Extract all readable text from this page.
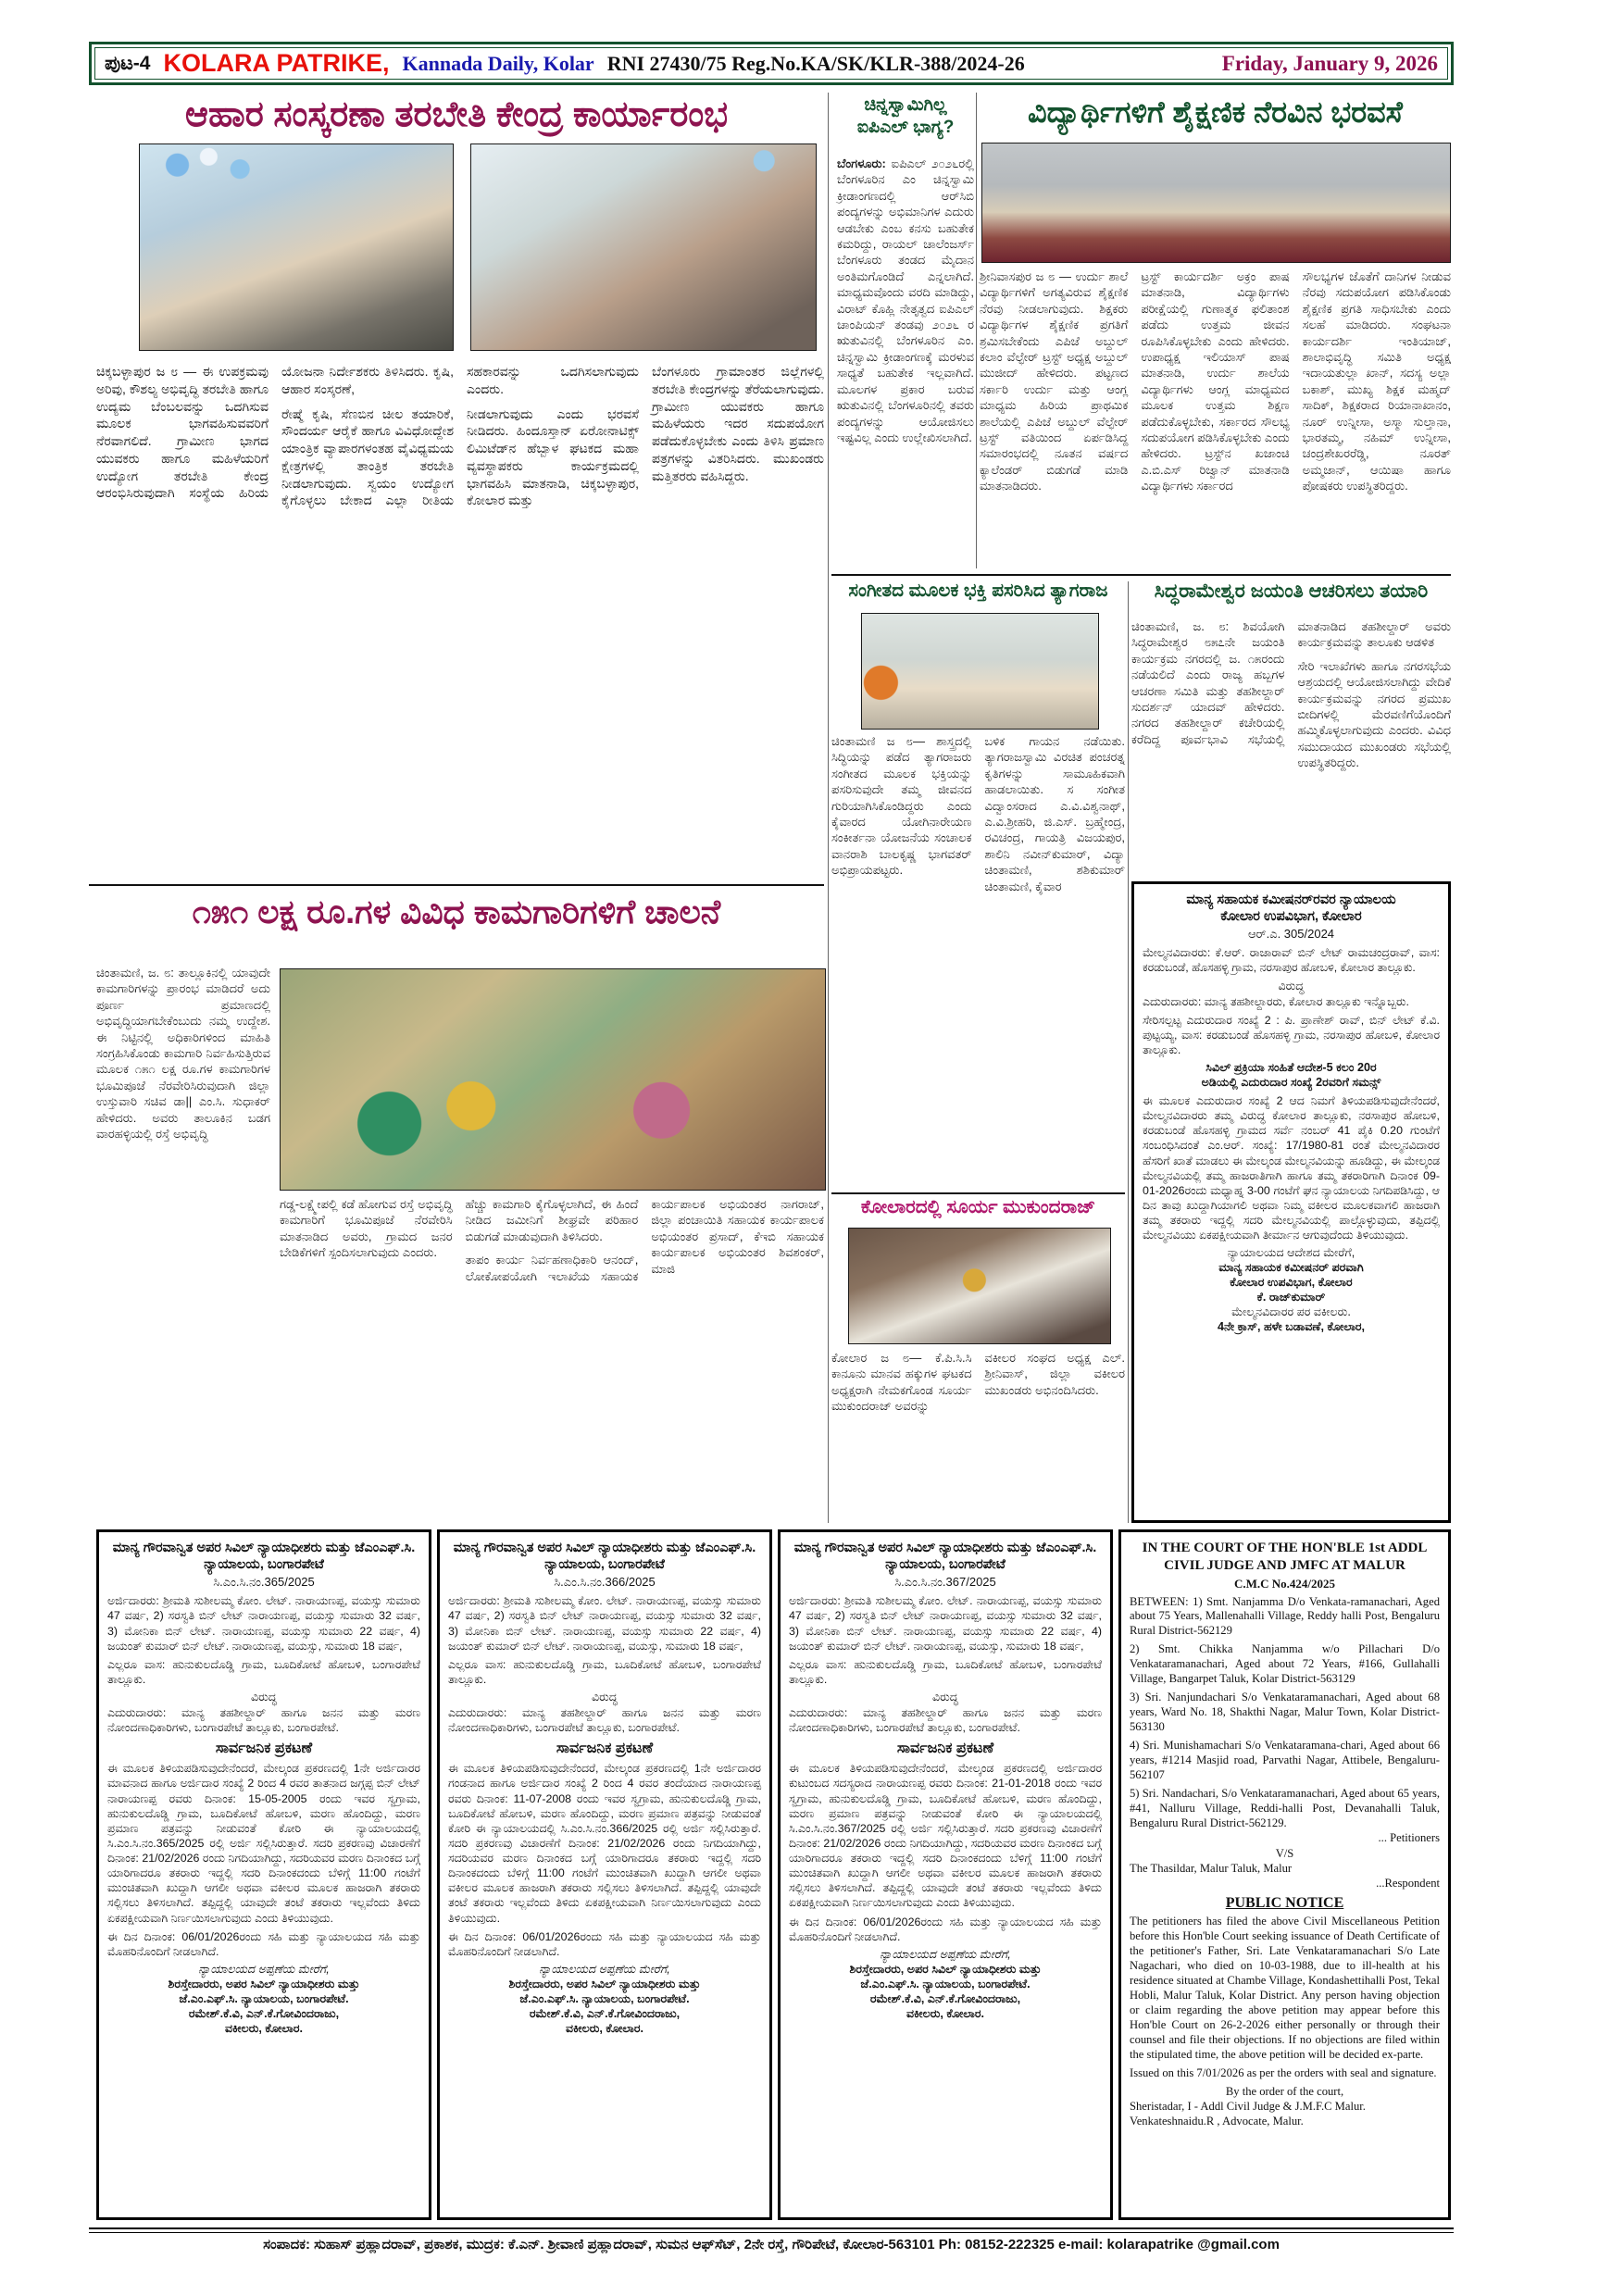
ಪುಟ-4 KOLARA PATRIKE, Kannada Daily, Kolar RNI 27430/75 Reg.No.KA/SK/KLR-388/2024-26	Friday, January 9, 2026
ಆಹಾರ ಸಂಸ್ಕರಣಾ ತರಬೇತಿ ಕೇಂದ್ರ ಕಾರ್ಯಾರಂಭ

ಚಿಕ್ಕಬಳ್ಳಾಪುರ ಜ ೮ — ಈ ಉಪಕ್ರಮವು ಅರಿವು, ಕೌಶಲ್ಯ ಅಭಿವೃದ್ಧಿ ತರಬೇತಿ ಹಾಗೂ ಉದ್ಯಮ ಬೆಂಬಲವನ್ನು ಒದಗಿಸುವ ಮೂಲಕ ಭಾಗವಹಿಸುವವರಿಗೆ ನೆರವಾಗಲಿದೆ. ಗ್ರಾಮೀಣ ಭಾಗದ ಯುವಕರು ಹಾಗೂ ಮಹಿಳೆಯರಿಗೆ ಉದ್ಯೋಗ ತರಬೇತಿ ಕೇಂದ್ರ ಆರಂಭಿಸಿರುವುದಾಗಿ ಸಂಸ್ಥೆಯ ಹಿರಿಯ ಯೋಜನಾ ನಿರ್ದೇಶಕರು ತಿಳಿಸಿದರು. ಕೃಷಿ, ಆಹಾರ ಸಂಸ್ಕರಣೆ,

ರೇಷ್ಮೆ ಕೃಷಿ, ಸೆಣಬಿನ ಚೀಲ ತಯಾರಿಕೆ, ಸೌಂದರ್ಯ ಆರೈಕೆ ಹಾಗೂ ವಿವಿಧೋದ್ದೇಶ ಯಾಂತ್ರಿಕ ವ್ಯಾಪಾರಗಳಂತಹ ವೈವಿಧ್ಯಮಯ ಕ್ಷೇತ್ರಗಳಲ್ಲಿ ತಾಂತ್ರಿಕ ತರಬೇತಿ ನೀಡಲಾಗುವುದು. ಸ್ವಯಂ ಉದ್ಯೋಗ ಕೈಗೊಳ್ಳಲು ಬೇಕಾದ ಎಲ್ಲಾ ರೀತಿಯ ಸಹಕಾರವನ್ನು ಒದಗಿಸಲಾಗುವುದು ಎಂದರು.

ನೀಡಲಾಗುವುದು ಎಂದು ಭರವಸೆ ನೀಡಿದರು. ಹಿಂದೂಸ್ತಾನ್ ಏರೋನಾಟಿಕ್ಸ್ ಲಿಮಿಟೆಡ್‌ನ ಹೆಬ್ಬಾಳ ಘಟಕದ ಮಹಾ ವ್ಯವಸ್ಥಾಪಕರು ಕಾರ್ಯಕ್ರಮದಲ್ಲಿ ಭಾಗವಹಿಸಿ ಮಾತನಾಡಿ, ಚಿಕ್ಕಬಳ್ಳಾಪುರ, ಕೋಲಾರ ಮತ್ತು

ಬೆಂಗಳೂರು ಗ್ರಾಮಾಂತರ ಜಿಲ್ಲೆಗಳಲ್ಲಿ ತರಬೇತಿ ಕೇಂದ್ರಗಳನ್ನು ತೆರೆಯಲಾಗುವುದು. ಗ್ರಾಮೀಣ ಯುವಕರು ಹಾಗೂ ಮಹಿಳೆಯರು ಇದರ ಸದುಪಯೋಗ ಪಡೆದುಕೊಳ್ಳಬೇಕು ಎಂದು ತಿಳಿಸಿ ಪ್ರಮಾಣ ಪತ್ರಗಳನ್ನು ವಿತರಿಸಿದರು. ಮುಖಂಡರು ಮತ್ತಿತರರು ವಹಿಸಿದ್ದರು.

ಚಿನ್ನಸ್ವಾಮಿಗಿಲ್ಲ
ಐಪಿಎಲ್ ಭಾಗ್ಯ?
ಬೆಂಗಳೂರು: ಐಪಿಎಲ್ ೨೦೨೬ರಲ್ಲಿ ಬೆಂಗಳೂರಿನ ಎಂ ಚಿನ್ನಸ್ವಾಮಿ ಕ್ರೀಡಾಂಗಣದಲ್ಲಿ ಆರ್‌ಸಿಬಿ ಪಂದ್ಯಗಳನ್ನು ಅಭಿಮಾನಿಗಳ ಎದುರು ಆಡಬೇಕು ಎಂಬ ಕನಸು ಬಹುತೇಕ ಕಮರಿದ್ದು, ರಾಯಲ್ ಚಾಲೆಂಜರ್ಸ್ ಬೆಂಗಳೂರು ತಂಡದ ಮೈದಾನ ಅಂತಿಮಗೊಂಡಿದೆ ಎನ್ನಲಾಗಿದೆ. ಮಾಧ್ಯಮವೊಂದು ವರದಿ ಮಾಡಿದ್ದು, ವಿರಾಟ್ ಕೊಹ್ಲಿ ನೇತೃತ್ವದ ಐಪಿಎಲ್ ಚಾಂಪಿಯನ್ ತಂಡವು ೨೦೨೬ ರ ಋತುವಿನಲ್ಲಿ ಬೆಂಗಳೂರಿನ ಎಂ. ಚಿನ್ನಸ್ವಾಮಿ ಕ್ರೀಡಾಂಗಣಕ್ಕೆ ಮರಳುವ ಸಾಧ್ಯತೆ ಬಹುತೇಕ ಇಲ್ಲವಾಗಿದೆ. ಮೂಲಗಳ ಪ್ರಕಾರ ಬರುವ ಋತುವಿನಲ್ಲಿ ಬೆಂಗಳೂರಿನಲ್ಲಿ ತವರು ಪಂದ್ಯಗಳನ್ನು ಆಯೋಜಿಸಲು ಇಷ್ಟವಿಲ್ಲ ಎಂದು ಉಲ್ಲೇಖಿಸಲಾಗಿದೆ.
ವಿದ್ಯಾರ್ಥಿಗಳಿಗೆ ಶೈಕ್ಷಣಿಕ ನೆರವಿನ ಭರವಸೆ

ಶ್ರೀನಿವಾಸಪುರ ಜ ೮ — ಉರ್ದು ಶಾಲೆ ವಿದ್ಯಾರ್ಥಿಗಳಿಗೆ ಅಗತ್ಯವಿರುವ ಶೈಕ್ಷಣಿಕ ನೆರವು ನೀಡಲಾಗುವುದು. ಶಿಕ್ಷಕರು ವಿದ್ಯಾರ್ಥಿಗಳ ಶೈಕ್ಷಣಿಕ ಪ್ರಗತಿಗೆ ಶ್ರಮಿಸಬೇಕೆಂದು ಎಪಿಜೆ ಅಬ್ದುಲ್ ಕಲಾಂ ವೆಲ್ಫೇರ್ ಟ್ರಸ್ಟ್ ಅಧ್ಯಕ್ಷ ಅಬ್ದುಲ್ ಮುಜೀದ್ ಹೇಳಿದರು. ಪಟ್ಟಣದ ಸರ್ಕಾರಿ ಉರ್ದು ಮತ್ತು ಆಂಗ್ಲ ಮಾಧ್ಯಮ ಹಿರಿಯ ಪ್ರಾಥಮಿಕ ಶಾಲೆಯಲ್ಲಿ ಎಪಿಜೆ ಅಬ್ದುಲ್ ವೆಲ್ಫೇರ್ ಟ್ರಸ್ಟ್ ವತಿಯಿಂದ ಏರ್ಪಡಿಸಿದ್ದ ಸಮಾರಂಭದಲ್ಲಿ ನೂತನ ವರ್ಷದ ಕ್ಯಾಲೆಂಡರ್ ಬಿಡುಗಡೆ ಮಾಡಿ ಮಾತನಾಡಿದರು.

ಟ್ರಸ್ಟ್ ಕಾರ್ಯದರ್ಶಿ ಅಕ್ರಂ ಪಾಷ ಮಾತನಾಡಿ, ವಿದ್ಯಾರ್ಥಿಗಳು ಪರೀಕ್ಷೆಯಲ್ಲಿ ಗುಣಾತ್ಮಕ ಫಲಿತಾಂಶ ಪಡೆದು ಉತ್ತಮ ಜೀವನ ರೂಪಿಸಿಕೊಳ್ಳಬೇಕು ಎಂದು ಹೇಳಿದರು. ಉಪಾಧ್ಯಕ್ಷ ಇಲಿಯಾಸ್ ಪಾಷ ಮಾತನಾಡಿ, ಉರ್ದು ಶಾಲೆಯ ವಿದ್ಯಾರ್ಥಿಗಳು ಆಂಗ್ಲ ಮಾಧ್ಯಮದ ಮೂಲಕ ಉತ್ತಮ ಶಿಕ್ಷಣ ಪಡೆದುಕೊಳ್ಳಬೇಕು, ಸರ್ಕಾರದ ಸೌಲಭ್ಯ ಸದುಪಯೋಗ ಪಡಿಸಿಕೊಳ್ಳಬೇಕು ಎಂದು ಹೇಳಿದರು. ಟ್ರಸ್ಟ್‌ನ ಖಜಾಂಚಿ ಎ.ಬಿ.ಎಸ್ ರಿಜ್ವಾನ್ ಮಾತನಾಡಿ ವಿದ್ಯಾರ್ಥಿಗಳು ಸರ್ಕಾರದ

ಸೌಲಭ್ಯಗಳ ಜೊತೆಗೆ ದಾನಿಗಳ ನೀಡುವ ನೆರವು ಸದುಪಯೋಗ ಪಡಿಸಿಕೊಂಡು ಶೈಕ್ಷಣಿಕ ಪ್ರಗತಿ ಸಾಧಿಸಬೇಕು ಎಂದು ಸಲಹೆ ಮಾಡಿದರು. ಸಂಘಟನಾ ಕಾರ್ಯದರ್ಶಿ ಇಂತಿಯಾಜ್, ಶಾಲಾಭಿವೃದ್ಧಿ ಸಮಿತಿ ಅಧ್ಯಕ್ಷ ಇದಾಯತುಲ್ಲಾ ಖಾನ್, ಸದಸ್ಯ ಅಲ್ಲಾ ಬಕಾಶ್, ಮುಖ್ಯ ಶಿಕ್ಷಕ ಮಹ್ಮದ್ ಸಾದಿಕ್, ಶಿಕ್ಷಕರಾದ ರಿಯಾನಾಖಾನಂ, ನೂರ್ ಉನ್ನೀಸಾ, ಅಸ್ಮಾ ಸುಲ್ತಾನಾ, ಭಾರತಮ್ಮ, ನಹಿಮ್ ಉನ್ನೀಸಾ, ಚಂದ್ರಶೇಖರರೆಡ್ಡಿ, ನೂರತ್ ಅಮ್ಮಜಾನ್, ಆಯಿಷಾ ಹಾಗೂ ಪೋಷಕರು ಉಪಸ್ಥಿತರಿದ್ದರು.

ಸಂಗೀತದ ಮೂಲಕ ಭಕ್ತಿ ಪಸರಿಸಿದ ತ್ಯಾಗರಾಜ

ಚಿಂತಾಮಣಿ ಜ ೮— ಶಾಸ್ತ್ರದಲ್ಲಿ ಸಿದ್ಧಿಯನ್ನು ಪಡೆದ ತ್ಯಾಗರಾಜರು ಸಂಗೀತದ ಮೂಲಕ ಭಕ್ತಿಯನ್ನು ಪಸರಿಸುವುದೇ ತಮ್ಮ ಜೀವನದ ಗುರಿಯಾಗಿಸಿಕೊಂಡಿದ್ದರು ಎಂದು ಕೈವಾರದ ಯೋಗಿನಾರೇಯಣ ಸಂಕೀರ್ತನಾ ಯೋಜನೆಯ ಸಂಚಾಲಕ ವಾನರಾಶಿ ಬಾಲಕೃಷ್ಣ ಭಾಗವತರ್ ಅಭಿಪ್ರಾಯಪಟ್ಟರು.

ಬಳಿಕ ಗಾಯನ ನಡೆಯಿತು. ತ್ಯಾಗರಾಜಸ್ವಾಮಿ ವಿರಚಿತ ಪಂಚರತ್ನ ಕೃತಿಗಳನ್ನು ಸಾಮೂಹಿಕವಾಗಿ ಹಾಡಲಾಯಿತು. ಸ ಸಂಗೀತ ವಿದ್ವಾಂಸರಾದ ಎ.ವಿ.ವಿಶ್ವನಾಥ್, ಎ.ವಿ.ಶ್ರೀಹರಿ, ಜಿ.ಎಸ್. ಬ್ರಹ್ಮೇಂದ್ರ, ರವಿಚಂದ್ರ, ಗಾಯತ್ರಿ ವಿಜಯಪುರ, ಶಾಲಿನಿ ನವೀನ್‌ಕುಮಾರ್, ವಿದ್ಯಾ ಚಿಂತಾಮಣಿ, ಶಶಿಕುಮಾರ್ ಚಿಂತಾಮಣಿ, ಕೈವಾರ

ಸಿದ್ಧರಾಮೇಶ್ವರ ಜಯಂತಿ ಆಚರಿಸಲು ತಯಾರಿ

ಚಿಂತಾಮಣಿ, ಜ. ೮: ಶಿವಯೋಗಿ ಸಿದ್ಧರಾಮೇಶ್ವರ ೮೫೭ನೇ ಜಯಂತಿ ಕಾರ್ಯಕ್ರಮ ನಗರದಲ್ಲಿ ಜ. ೧೫ರಂದು ನಡೆಯಲಿದೆ ಎಂದು ರಾಜ್ಯ ಹಬ್ಬಗಳ ಆಚರಣಾ ಸಮಿತಿ ಮತ್ತು ತಹಶೀಲ್ದಾರ್ ಸುದರ್ಶನ್ ಯಾದವ್ ಹೇಳಿದರು. ನಗರದ ತಹಶೀಲ್ದಾರ್ ಕಚೇರಿಯಲ್ಲಿ ಕರೆದಿದ್ದ ಪೂರ್ವಭಾವಿ ಸಭೆಯಲ್ಲಿ ಮಾತನಾಡಿದ ತಹಶೀಲ್ದಾರ್ ಅವರು ಕಾರ್ಯಕ್ರಮವನ್ನು ತಾಲೂಕು ಆಡಳಿತ

ಸೇರಿ ಇಲಾಖೆಗಳು ಹಾಗೂ ನಗರಸಭೆಯ ಆಶ್ರಯದಲ್ಲಿ ಆಯೋಜಿಸಲಾಗಿದ್ದು ವೇದಿಕೆ ಕಾರ್ಯಕ್ರಮವನ್ನು ನಗರದ ಪ್ರಮುಖ ಬೀದಿಗಳಲ್ಲಿ ಮೆರವಣಿಗೆಯೊಂದಿಗೆ ಹಮ್ಮಿಕೊಳ್ಳಲಾಗುವುದು ಎಂದರು. ವಿವಿಧ ಸಮುದಾಯದ ಮುಖಂಡರು ಸಭೆಯಲ್ಲಿ ಉಪಸ್ಥಿತರಿದ್ದರು.

ಮಾನ್ಯ ಸಹಾಯಕ ಕಮೀಷನರ್‌ರವರ ನ್ಯಾಯಾಲಯ
ಕೋಲಾರ ಉಪವಿಭಾಗ, ಕೋಲಾರ
ಆರ್.ಎ. 305/2024
ಮೇಲ್ಮನವಿದಾರರು: ಕೆ.ಆರ್. ರಾಜಾರಾವ್ ಬಿನ್ ಲೇಟ್ ರಾಮಚಂದ್ರರಾವ್, ವಾಸ: ಕರಡುಬಂಡೆ, ಹೊಸಹಳ್ಳಿ ಗ್ರಾಮ, ನರಸಾಪುರ ಹೋಬಳಿ, ಕೋಲಾರ ತಾಲ್ಲೂಕು.
ವಿರುದ್ಧ
ಎದುರುದಾರರು: ಮಾನ್ಯ ತಹಶೀಲ್ದಾರರು, ಕೋಲಾರ ತಾಲ್ಲೂಕು ಇನ್ನೊಬ್ಬರು.
ಸೇರಿಸಲ್ಪಟ್ಟ ಎದುರುದಾರ ಸಂಖ್ಯೆ 2 : ಪಿ. ಪ್ರಾಣೇಶ್ ರಾವ್, ಬಿನ್ ಲೇಟ್ ಕೆ.ವಿ. ಪುಟ್ಟಯ್ಯ, ವಾಸ: ಕರಡುಬಂಡೆ ಹೊಸಹಳ್ಳಿ ಗ್ರಾಮ, ನರಸಾಪುರ ಹೋಬಳಿ, ಕೋಲಾರ ತಾಲ್ಲೂಕು.
ಸಿವಿಲ್ ಪ್ರಕ್ರಿಯಾ ಸಂಹಿತೆ ಆದೇಶ-5 ಕಲಂ 20ರ
ಅಡಿಯಲ್ಲಿ ಎದುರುದಾರ ಸಂಖ್ಯೆ 2ರವರಿಗೆ ಸಮನ್ಸ್
ಈ ಮೂಲಕ ಎದುರುದಾರ ಸಂಖ್ಯೆ 2 ಆದ ನಿಮಗೆ ತಿಳಿಯಪಡಿಸುವುದೇನೆಂದರೆ, ಮೇಲ್ಮನವಿದಾರರು ತಮ್ಮ ವಿರುದ್ಧ ಕೋಲಾರ ತಾಲ್ಲೂಕು, ನರಸಾಪುರ ಹೋಬಳಿ, ಕರಡುಬಂಡೆ ಹೊಸಹಳ್ಳಿ ಗ್ರಾಮದ ಸರ್ವೆ ನಂಬರ್ 41 ಪೈಕಿ 0.20 ಗುಂಟೆಗೆ ಸಂಬಂಧಿಸಿದಂತೆ ಎಂ.ಆರ್. ಸಂಖ್ಯೆ: 17/1980-81 ರಂತೆ ಮೇಲ್ಮನವಿದಾರರ ಹೆಸರಿಗೆ ಖಾತೆ ಮಾಡಲು ಈ ಮೇಲ್ಕಂಡ ಮೇಲ್ಮನವಿಯನ್ನು ಹೂಡಿದ್ದು, ಈ ಮೇಲ್ಕಂಡ ಮೇಲ್ಮನವಿಯಲ್ಲಿ ತಮ್ಮ ಹಾಜರಾತಿಗಾಗಿ ಹಾಗೂ ತಮ್ಮ ತಕರಾರಿಗಾಗಿ ದಿನಾಂಕ 09-01-2026ರಂದು ಮಧ್ಯಾಹ್ನ 3-00 ಗಂಟೆಗೆ ಘನ ನ್ಯಾಯಾಲಯ ನಿಗದಿಪಡಿಸಿದ್ದು, ಆ ದಿನ ತಾವು ಖುದ್ದಾಗಿಯಾಗಲಿ ಅಥವಾ ನಿಮ್ಮ ವಕೀಲರ ಮೂಲಕವಾಗಲಿ ಹಾಜರಾಗಿ ತಮ್ಮ ತಕರಾರು ಇದ್ದಲ್ಲಿ ಸದರಿ ಮೇಲ್ಮನವಿಯಲ್ಲಿ ಪಾಲ್ಗೊಳ್ಳುವುದು, ತಪ್ಪಿದಲ್ಲಿ ಮೇಲ್ಮನವಿಯು ಏಕಪಕ್ಷೀಯವಾಗಿ ತೀರ್ಮಾನ ಆಗುವುದೆಂದು ತಿಳಿಯುವುದು.
ನ್ಯಾಯಾಲಯದ ಆದೇಶದ ಮೇರೆಗೆ,
ಮಾನ್ಯ ಸಹಾಯಕ ಕಮೀಷನರ್ ಪರವಾಗಿ
ಕೋಲಾರ ಉಪವಿಭಾಗ, ಕೋಲಾರ
ಕೆ. ರಾಜ್‌ಕುಮಾರ್
ಮೇಲ್ಮನವಿದಾರರ ಪರ ವಕೀಲರು.
4ನೇ ಕ್ರಾಸ್, ಹಳೇ ಬಡಾವಣೆ, ಕೋಲಾರ,
೧೫೧ ಲಕ್ಷ ರೂ.ಗಳ ವಿವಿಧ ಕಾಮಗಾರಿಗಳಿಗೆ ಚಾಲನೆ
ಚಿಂತಾಮಣಿ, ಜ. ೮: ತಾಲ್ಲೂಕಿನಲ್ಲಿ ಯಾವುದೇ ಕಾಮಗಾರಿಗಳನ್ನು ಪ್ರಾರಂಭ ಮಾಡಿದರೆ ಅದು ಪೂರ್ಣ ಪ್ರಮಾಣದಲ್ಲಿ ಅಭಿವೃದ್ಧಿಯಾಗಬೇಕೆಂಬುದು ನಮ್ಮ ಉದ್ದೇಶ. ಈ ನಿಟ್ಟಿನಲ್ಲಿ ಅಧಿಕಾರಿಗಳಿಂದ ಮಾಹಿತಿ ಸಂಗ್ರಹಿಸಿಕೊಂಡು ಕಾಮಗಾರಿ ನಿರ್ವಹಿಸುತ್ತಿರುವ ಮೂಲಕ ೧೫೧ ಲಕ್ಷ ರೂ.ಗಳ ಕಾಮಗಾರಿಗಳ ಭೂಮಿಪೂಜೆ ನೆರವೇರಿಸಿರುವುದಾಗಿ ಜಿಲ್ಲಾ ಉಸ್ತುವಾರಿ ಸಚಿವ ಡಾ|| ಎಂ.ಸಿ. ಸುಧಾಕರ್ ಹೇಳಿದರು. ಅವರು ತಾಲೂಕಿನ ಬಡಗ ವಾರಹಳ್ಳಿಯಲ್ಲಿ ರಸ್ತೆ ಅಭಿವೃದ್ಧಿ

ಗಡ್ಡ-ಲಕ್ಷ್ಮೇಪಲ್ಲಿ ಕಡೆ ಹೋಗುವ ರಸ್ತೆ ಅಭಿವೃದ್ಧಿ ಕಾಮಗಾರಿಗೆ ಭೂಮಿಪೂಜೆ ನೆರವೇರಿಸಿ ಮಾತನಾಡಿದ ಅವರು, ಗ್ರಾಮದ ಜನರ ಬೇಡಿಕೆಗಳಿಗೆ ಸ್ಪಂದಿಸಲಾಗುವುದು ಎಂದರು.

ಹೆಚ್ಚು ಕಾಮಗಾರಿ ಕೈಗೊಳ್ಳಲಾಗಿದೆ, ಈ ಹಿಂದೆ ನೀಡಿದ ಜಮೀನಿಗೆ ಶೀಘ್ರವೇ ಪರಿಹಾರ ಬಿಡುಗಡೆ ಮಾಡುವುದಾಗಿ ತಿಳಿಸಿದರು.

ತಾಪಂ ಕಾರ್ಯ ನಿರ್ವಹಣಾಧಿಕಾರಿ ಆನಂದ್, ಲೋಕೋಪಯೋಗಿ ಇಲಾಖೆಯ ಸಹಾಯಕ ಕಾರ್ಯಪಾಲಕ ಅಭಿಯಂತರ ನಾಗರಾಜ್, ಜಿಲ್ಲಾ ಪಂಚಾಯಿತಿ ಸಹಾಯಕ ಕಾರ್ಯಪಾಲಕ ಅಭಿಯಂತರ ಪ್ರಸಾದ್, ಕೆಇಬಿ ಸಹಾಯಕ ಕಾರ್ಯಪಾಲಕ ಅಭಿಯಂತರ ಶಿವಶಂಕರ್, ಮಾಜಿ

ಕೋಲಾರದಲ್ಲಿ ಸೂರ್ಯ ಮುಕುಂದರಾಜ್

ಕೋಲಾರ ಜ ೮— ಕೆ.ಪಿ.ಸಿ.ಸಿ ಕಾನೂನು ಮಾನವ ಹಕ್ಕುಗಳ ಘಟಕದ ಅಧ್ಯಕ್ಷರಾಗಿ ನೇಮಕಗೊಂಡ ಸೂರ್ಯ ಮುಕುಂದರಾಜ್ ಅವರನ್ನು

ವಕೀಲರ ಸಂಘದ ಅಧ್ಯಕ್ಷ ಎಲ್. ಶ್ರೀನಿವಾಸ್, ಜಿಲ್ಲಾ ವಕೀಲರ ಮುಖಂಡರು ಅಭಿನಂದಿಸಿದರು.

ಮಾನ್ಯ ಗೌರವಾನ್ವಿತ ಅಪರ ಸಿವಿಲ್ ನ್ಯಾಯಾಧೀಶರು ಮತ್ತು ಜೆಎಂಎಫ್.ಸಿ. ನ್ಯಾಯಾಲಯ, ಬಂಗಾರಪೇಟೆ
ಸಿ.ಎಂ.ಸಿ.ನಂ.365/2025
ಅರ್ಜಿದಾರರು: ಶ್ರೀಮತಿ ಸುಶೀಲಮ್ಮ ಕೋಂ. ಲೇಟ್. ನಾರಾಯಣಪ್ಪ, ವಯಸ್ಸು ಸುಮಾರು 47 ವರ್ಷ, 2) ಸರಸ್ವತಿ ಬಿನ್ ಲೇಟ್ ನಾರಾಯಣಪ್ಪ, ವಯಸ್ಸು ಸುಮಾರು 32 ವರ್ಷ, 3) ಮೋನಿಕಾ ಬಿನ್ ಲೇಟ್. ನಾರಾಯಣಪ್ಪ, ವಯಸ್ಸು ಸುಮಾರು 22 ವರ್ಷ, 4) ಜಯಂತ್ ಕುಮಾರ್ ಬಿನ್ ಲೇಟ್. ನಾರಾಯಣಪ್ಪ, ವಯಸ್ಸು, ಸುಮಾರು 18 ವರ್ಷ,
ಎಲ್ಲರೂ ವಾಸ: ಹುನುಕುಲದೊಡ್ಡಿ ಗ್ರಾಮ, ಬೂದಿಕೋಟೆ ಹೋಬಳಿ, ಬಂಗಾರಪೇಟೆ ತಾಲ್ಲೂಕು.
ವಿರುದ್ಧ
ಎದುರುದಾರರು: ಮಾನ್ಯ ತಹಶೀಲ್ದಾರ್ ಹಾಗೂ ಜನನ ಮತ್ತು ಮರಣ ನೋಂದಣಾಧಿಕಾರಿಗಳು, ಬಂಗಾರಪೇಟೆ ತಾಲ್ಲೂಕು, ಬಂಗಾರಪೇಟೆ.
ಸಾರ್ವಜನಿಕ ಪ್ರಕಟಣೆ
ಈ ಮೂಲಕ ತಿಳಿಯಪಡಿಸುವುದೇನೆಂದರೆ, ಮೇಲ್ಕಂಡ ಪ್ರಕರಣದಲ್ಲಿ 1ನೇ ಅರ್ಜಿದಾರರ ಮಾವನಾದ ಹಾಗೂ ಅರ್ಜಿದಾರ ಸಂಖ್ಯೆ 2 ರಿಂದ 4 ರವರ ತಾತನಾದ ಜಗ್ಗಪ್ಪ ಬಿನ್ ಲೇಟ್ ನಾರಾಯಣಪ್ಪ ರವರು ದಿನಾಂಕ: 15-05-2005 ರಂದು ಇವರ ಸ್ವಗ್ರಾಮ, ಹುನುಕುಲದೊಡ್ಡಿ ಗ್ರಾಮ, ಬೂದಿಕೋಟೆ ಹೋಬಳಿ, ಮರಣ ಹೊಂದಿದ್ದು, ಮರಣ ಪ್ರಮಾಣ ಪತ್ರವನ್ನು ನೀಡುವಂತೆ ಕೋರಿ ಈ ನ್ಯಾಯಾಲಯದಲ್ಲಿ ಸಿ.ಎಂ.ಸಿ.ನಂ.365/2025 ರಲ್ಲಿ ಅರ್ಜಿ ಸಲ್ಲಿಸಿರುತ್ತಾರೆ. ಸದರಿ ಪ್ರಕರಣವು ವಿಚಾರಣೆಗೆ ದಿನಾಂಕ: 21/02/2026 ರಂದು ನಿಗದಿಯಾಗಿದ್ದು, ಸದರಿಯವರ ಮರಣ ದಿನಾಂಕದ ಬಗ್ಗೆ ಯಾರಿಗಾದರೂ ತಕರಾರು ಇದ್ದಲ್ಲಿ ಸದರಿ ದಿನಾಂಕದಂದು ಬೆಳಿಗ್ಗೆ 11:00 ಗಂಟೆಗೆ ಮುಂಚಿತವಾಗಿ ಖುದ್ದಾಗಿ ಆಗಲೀ ಅಥವಾ ವಕೀಲರ ಮೂಲಕ ಹಾಜರಾಗಿ ತಕರಾರು ಸಲ್ಲಿಸಲು ತಿಳಿಸಲಾಗಿದೆ. ತಪ್ಪಿದ್ದಲ್ಲಿ ಯಾವುದೇ ತಂಟೆ ತಕರಾರು ಇಲ್ಲವೆಂದು ತಿಳಿದು ಏಕಪಕ್ಷೀಯವಾಗಿ ನಿರ್ಣಯಿಸಲಾಗುವುದು ಎಂದು ತಿಳಿಯುವುದು.
ಈ ದಿನ ದಿನಾಂಕ: 06/01/2026ರಂದು ಸಹಿ ಮತ್ತು ನ್ಯಾಯಾಲಯದ ಸಹಿ ಮತ್ತು ಮೊಹರಿನೊಂದಿಗೆ ನೀಡಲಾಗಿದೆ.
ನ್ಯಾಯಾಲಯದ ಅಪ್ಪಣೆಯ ಮೇರೆಗೆ,
ಶಿರಸ್ತೇದಾರರು, ಅಪರ ಸಿವಿಲ್ ನ್ಯಾಯಾಧೀಶರು ಮತ್ತು
ಜೆ.ಎಂ.ಎಫ್.ಸಿ. ನ್ಯಾಯಾಲಯ, ಬಂಗಾರಪೇಟೆ.
ರಮೇಶ್.ಕೆ.ವಿ, ಎನ್.ಕೆ.ಗೋವಿಂದರಾಜು,
ವಕೀಲರು, ಕೋಲಾರ.
ಮಾನ್ಯ ಗೌರವಾನ್ವಿತ ಅಪರ ಸಿವಿಲ್ ನ್ಯಾಯಾಧೀಶರು ಮತ್ತು ಜೆಎಂಎಫ್.ಸಿ. ನ್ಯಾಯಾಲಯ, ಬಂಗಾರಪೇಟೆ
ಸಿ.ಎಂ.ಸಿ.ನಂ.366/2025
ಅರ್ಜಿದಾರರು: ಶ್ರೀಮತಿ ಸುಶೀಲಮ್ಮ ಕೋಂ. ಲೇಟ್. ನಾರಾಯಣಪ್ಪ, ವಯಸ್ಸು ಸುಮಾರು 47 ವರ್ಷ, 2) ಸರಸ್ವತಿ ಬಿನ್ ಲೇಟ್ ನಾರಾಯಣಪ್ಪ, ವಯಸ್ಸು ಸುಮಾರು 32 ವರ್ಷ, 3) ಮೋನಿಕಾ ಬಿನ್ ಲೇಟ್. ನಾರಾಯಣಪ್ಪ, ವಯಸ್ಸು ಸುಮಾರು 22 ವರ್ಷ, 4) ಜಯಂತ್ ಕುಮಾರ್ ಬಿನ್ ಲೇಟ್. ನಾರಾಯಣಪ್ಪ, ವಯಸ್ಸು, ಸುಮಾರು 18 ವರ್ಷ,
ಎಲ್ಲರೂ ವಾಸ: ಹುನುಕುಲದೊಡ್ಡಿ ಗ್ರಾಮ, ಬೂದಿಕೋಟೆ ಹೋಬಳಿ, ಬಂಗಾರಪೇಟೆ ತಾಲ್ಲೂಕು.
ವಿರುದ್ಧ
ಎದುರುದಾರರು: ಮಾನ್ಯ ತಹಶೀಲ್ದಾರ್ ಹಾಗೂ ಜನನ ಮತ್ತು ಮರಣ ನೋಂದಣಾಧಿಕಾರಿಗಳು, ಬಂಗಾರಪೇಟೆ ತಾಲ್ಲೂಕು, ಬಂಗಾರಪೇಟೆ.
ಸಾರ್ವಜನಿಕ ಪ್ರಕಟಣೆ
ಈ ಮೂಲಕ ತಿಳಿಯಪಡಿಸುವುದೇನೆಂದರೆ, ಮೇಲ್ಕಂಡ ಪ್ರಕರಣದಲ್ಲಿ 1ನೇ ಅರ್ಜಿದಾರರ ಗಂಡನಾದ ಹಾಗೂ ಅರ್ಜಿದಾರ ಸಂಖ್ಯೆ 2 ರಿಂದ 4 ರವರ ತಂದೆಯಾದ ನಾರಾಯಣಪ್ಪ ರವರು ದಿನಾಂಕ: 11-07-2008 ರಂದು ಇವರ ಸ್ವಗ್ರಾಮ, ಹುನುಕುಲದೊಡ್ಡಿ ಗ್ರಾಮ, ಬೂದಿಕೋಟೆ ಹೋಬಳಿ, ಮರಣ ಹೊಂದಿದ್ದು, ಮರಣ ಪ್ರಮಾಣ ಪತ್ರವನ್ನು ನೀಡುವಂತೆ ಕೋರಿ ಈ ನ್ಯಾಯಾಲಯದಲ್ಲಿ ಸಿ.ಎಂ.ಸಿ.ನಂ.366/2025 ರಲ್ಲಿ ಅರ್ಜಿ ಸಲ್ಲಿಸಿರುತ್ತಾರೆ. ಸದರಿ ಪ್ರಕರಣವು ವಿಚಾರಣೆಗೆ ದಿನಾಂಕ: 21/02/2026 ರಂದು ನಿಗದಿಯಾಗಿದ್ದು, ಸದರಿಯವರ ಮರಣ ದಿನಾಂಕದ ಬಗ್ಗೆ ಯಾರಿಗಾದರೂ ತಕರಾರು ಇದ್ದಲ್ಲಿ ಸದರಿ ದಿನಾಂಕದಂದು ಬೆಳಿಗ್ಗೆ 11:00 ಗಂಟೆಗೆ ಮುಂಚಿತವಾಗಿ ಖುದ್ದಾಗಿ ಆಗಲೀ ಅಥವಾ ವಕೀಲರ ಮೂಲಕ ಹಾಜರಾಗಿ ತಕರಾರು ಸಲ್ಲಿಸಲು ತಿಳಿಸಲಾಗಿದೆ. ತಪ್ಪಿದ್ದಲ್ಲಿ ಯಾವುದೇ ತಂಟೆ ತಕರಾರು ಇಲ್ಲವೆಂದು ತಿಳಿದು ಏಕಪಕ್ಷೀಯವಾಗಿ ನಿರ್ಣಯಿಸಲಾಗುವುದು ಎಂದು ತಿಳಿಯುವುದು.
ಈ ದಿನ ದಿನಾಂಕ: 06/01/2026ರಂದು ಸಹಿ ಮತ್ತು ನ್ಯಾಯಾಲಯದ ಸಹಿ ಮತ್ತು ಮೊಹರಿನೊಂದಿಗೆ ನೀಡಲಾಗಿದೆ.
ನ್ಯಾಯಾಲಯದ ಅಪ್ಪಣೆಯ ಮೇರೆಗೆ,
ಶಿರಸ್ತೇದಾರರು, ಅಪರ ಸಿವಿಲ್ ನ್ಯಾಯಾಧೀಶರು ಮತ್ತು
ಜೆ.ಎಂ.ಎಫ್.ಸಿ. ನ್ಯಾಯಾಲಯ, ಬಂಗಾರಪೇಟೆ.
ರಮೇಶ್.ಕೆ.ವಿ, ಎನ್.ಕೆ.ಗೋವಿಂದರಾಜು,
ವಕೀಲರು, ಕೋಲಾರ.
ಮಾನ್ಯ ಗೌರವಾನ್ವಿತ ಅಪರ ಸಿವಿಲ್ ನ್ಯಾಯಾಧೀಶರು ಮತ್ತು ಜೆಎಂಎಫ್.ಸಿ. ನ್ಯಾಯಾಲಯ, ಬಂಗಾರಪೇಟೆ
ಸಿ.ಎಂ.ಸಿ.ನಂ.367/2025
ಅರ್ಜಿದಾರರು: ಶ್ರೀಮತಿ ಸುಶೀಲಮ್ಮ ಕೋಂ. ಲೇಟ್. ನಾರಾಯಣಪ್ಪ, ವಯಸ್ಸು ಸುಮಾರು 47 ವರ್ಷ, 2) ಸರಸ್ವತಿ ಬಿನ್ ಲೇಟ್ ನಾರಾಯಣಪ್ಪ, ವಯಸ್ಸು ಸುಮಾರು 32 ವರ್ಷ, 3) ಮೋನಿಕಾ ಬಿನ್ ಲೇಟ್. ನಾರಾಯಣಪ್ಪ, ವಯಸ್ಸು ಸುಮಾರು 22 ವರ್ಷ, 4) ಜಯಂತ್ ಕುಮಾರ್ ಬಿನ್ ಲೇಟ್. ನಾರಾಯಣಪ್ಪ, ವಯಸ್ಸು, ಸುಮಾರು 18 ವರ್ಷ,
ಎಲ್ಲರೂ ವಾಸ: ಹುನುಕುಲದೊಡ್ಡಿ ಗ್ರಾಮ, ಬೂದಿಕೋಟೆ ಹೋಬಳಿ, ಬಂಗಾರಪೇಟೆ ತಾಲ್ಲೂಕು.
ವಿರುದ್ಧ
ಎದುರುದಾರರು: ಮಾನ್ಯ ತಹಶೀಲ್ದಾರ್ ಹಾಗೂ ಜನನ ಮತ್ತು ಮರಣ ನೋಂದಣಾಧಿಕಾರಿಗಳು, ಬಂಗಾರಪೇಟೆ ತಾಲ್ಲೂಕು, ಬಂಗಾರಪೇಟೆ.
ಸಾರ್ವಜನಿಕ ಪ್ರಕಟಣೆ
ಈ ಮೂಲಕ ತಿಳಿಯಪಡಿಸುವುದೇನೆಂದರೆ, ಮೇಲ್ಕಂಡ ಪ್ರಕರಣದಲ್ಲಿ ಅರ್ಜಿದಾರರ ಕುಟುಂಬದ ಸದಸ್ಯರಾದ ನಾರಾಯಣಪ್ಪ ರವರು ದಿನಾಂಕ: 21-01-2018 ರಂದು ಇವರ ಸ್ವಗ್ರಾಮ, ಹುನುಕುಲದೊಡ್ಡಿ ಗ್ರಾಮ, ಬೂದಿಕೋಟೆ ಹೋಬಳಿ, ಮರಣ ಹೊಂದಿದ್ದು, ಮರಣ ಪ್ರಮಾಣ ಪತ್ರವನ್ನು ನೀಡುವಂತೆ ಕೋರಿ ಈ ನ್ಯಾಯಾಲಯದಲ್ಲಿ ಸಿ.ಎಂ.ಸಿ.ನಂ.367/2025 ರಲ್ಲಿ ಅರ್ಜಿ ಸಲ್ಲಿಸಿರುತ್ತಾರೆ. ಸದರಿ ಪ್ರಕರಣವು ವಿಚಾರಣೆಗೆ ದಿನಾಂಕ: 21/02/2026 ರಂದು ನಿಗದಿಯಾಗಿದ್ದು, ಸದರಿಯವರ ಮರಣ ದಿನಾಂಕದ ಬಗ್ಗೆ ಯಾರಿಗಾದರೂ ತಕರಾರು ಇದ್ದಲ್ಲಿ ಸದರಿ ದಿನಾಂಕದಂದು ಬೆಳಿಗ್ಗೆ 11:00 ಗಂಟೆಗೆ ಮುಂಚಿತವಾಗಿ ಖುದ್ದಾಗಿ ಆಗಲೀ ಅಥವಾ ವಕೀಲರ ಮೂಲಕ ಹಾಜರಾಗಿ ತಕರಾರು ಸಲ್ಲಿಸಲು ತಿಳಿಸಲಾಗಿದೆ. ತಪ್ಪಿದ್ದಲ್ಲಿ ಯಾವುದೇ ತಂಟೆ ತಕರಾರು ಇಲ್ಲವೆಂದು ತಿಳಿದು ಏಕಪಕ್ಷೀಯವಾಗಿ ನಿರ್ಣಯಿಸಲಾಗುವುದು ಎಂದು ತಿಳಿಯುವುದು.
ಈ ದಿನ ದಿನಾಂಕ: 06/01/2026ರಂದು ಸಹಿ ಮತ್ತು ನ್ಯಾಯಾಲಯದ ಸಹಿ ಮತ್ತು ಮೊಹರಿನೊಂದಿಗೆ ನೀಡಲಾಗಿದೆ.
ನ್ಯಾಯಾಲಯದ ಅಪ್ಪಣೆಯ ಮೇರೆಗೆ,
ಶಿರಸ್ತೇದಾರರು, ಅಪರ ಸಿವಿಲ್ ನ್ಯಾಯಾಧೀಶರು ಮತ್ತು
ಜೆ.ಎಂ.ಎಫ್.ಸಿ. ನ್ಯಾಯಾಲಯ, ಬಂಗಾರಪೇಟೆ.
ರಮೇಶ್.ಕೆ.ವಿ, ಎನ್.ಕೆ.ಗೋವಿಂದರಾಜು,
ವಕೀಲರು, ಕೋಲಾರ.
IN THE COURT OF THE HON'BLE 1st ADDL
CIVIL JUDGE AND JMFC AT MALUR
C.M.C No.424/2025
BETWEEN: 1) Smt. Nanjamma D/o Venkata-ramanachari, Aged about 75 Years, Mallenahalli Village, Reddy halli Post, Bengaluru Rural District-562129
2) Smt. Chikka Nanjamma w/o Pillachari D/o Venkataramanachari, Aged about 72 Years, #166, Gullahalli Village, Bangarpet Taluk, Kolar District-563129
3) Sri. Nanjundachari S/o Venkataramanachari, Aged about 68 years, Ward No. 18, Shakthi Nagar, Malur Town, Kolar District-563130
4) Sri. Munishamachari S/o Venkataramana-chari, Aged about 66 years, #1214 Masjid road, Parvathi Nagar, Attibele, Bengaluru-562107
5) Sri. Nandachari, S/o Venkataramanachari, Aged about 65 years, #41, Nalluru Village, Reddi-halli Post, Devanahalli Taluk, Bengaluru Rural District-562129.
... Petitioners
V/S
The Thasildar, Malur Taluk, Malur
...Respondent
PUBLIC NOTICE
The petitioners has filed the above Civil Miscellaneous Petition before this Hon'ble Court seeking issuance of Death Certificate of the petitioner's Father, Sri. Late Venkataramanachari S/o Late Nagachari, who died on 10-03-1988, due to ill-health at his residence situated at Chambe Village, Kondashettihalli Post, Tekal Hobli, Malur Taluk, Kolar District. Any person having objection or claim regarding the above petition may appear before this Hon'ble Court on 26-2-2026 either personally or through their counsel and file their objections. If no objections are filed within the stipulated time, the above petition will be decided ex-parte.
Issued on this 7/01/2026 as per the orders with seal and signature.
By the order of the court,
Sheristadar, I - Addl Civil Judge & J.M.F.C Malur.
Venkateshnaidu.R , Advocate, Malur.
ಸಂಪಾದಕ: ಸುಹಾಸ್ ಪ್ರಹ್ಲಾದರಾವ್, ಪ್ರಕಾಶಕ, ಮುದ್ರಕ: ಕೆ.ಎನ್. ಶ್ರೀವಾಣಿ ಪ್ರಹ್ಲಾದರಾವ್, ಸುಮನ ಆಫ್‌ಸೆಟ್, 2ನೇ ರಸ್ತೆ, ಗೌರಿಪೇಟೆ, ಕೋಲಾರ-563101 Ph: 08152-222325 e-mail: kolarapatrike @gmail.com
